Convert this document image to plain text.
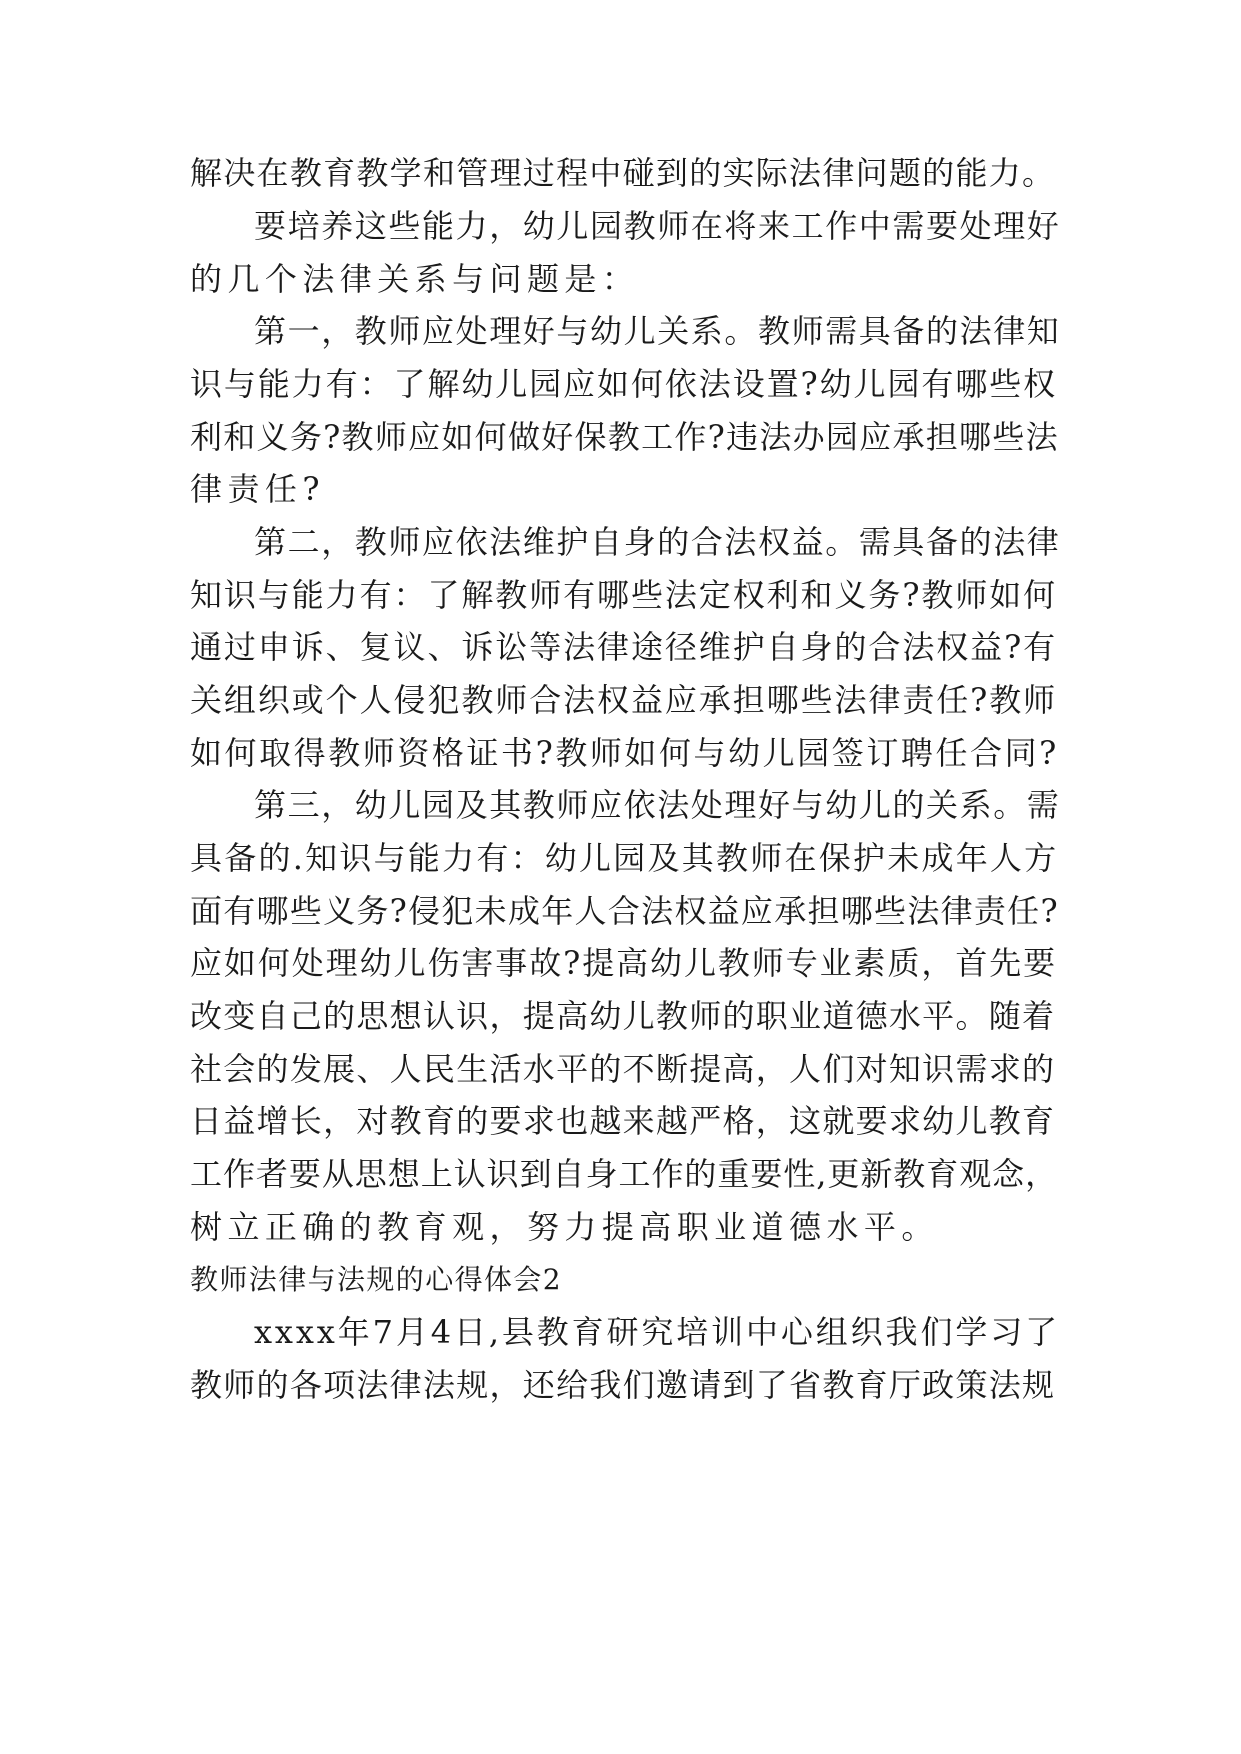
解决在教育教学和管理过程中碰到的实际法律问题的能力。

要培养这些能力，幼儿园教师在将来工作中需要处理好

的几个法律关系与问题是：

第一，教师应处理好与幼儿关系。教师需具备的法律知

识与能力有：了解幼儿园应如何依法设置?幼儿园有哪些权

利和义务?教师应如何做好保教工作?违法办园应承担哪些法

律责任?

第二，教师应依法维护自身的合法权益。需具备的法律

知识与能力有：了解教师有哪些法定权利和义务?教师如何

通过申诉、复议、诉讼等法律途径维护自身的合法权益?有

关组织或个人侵犯教师合法权益应承担哪些法律责任?教师

如何取得教师资格证书?教师如何与幼儿园签订聘任合同?

第三，幼儿园及其教师应依法处理好与幼儿的关系。需

具备的.知识与能力有：幼儿园及其教师在保护未成年人方

面有哪些义务?侵犯未成年人合法权益应承担哪些法律责任?

应如何处理幼儿伤害事故?提高幼儿教师专业素质，首先要

改变自己的思想认识，提高幼儿教师的职业道德水平。随着

社会的发展、人民生活水平的不断提高，人们对知识需求的

日益增长，对教育的要求也越来越严格，这就要求幼儿教育

工作者要从思想上认识到自身工作的重要性,更新教育观念，

树立正确的教育观，努力提高职业道德水平。

教师法律与法规的心得体会2

xxxx年7月4日,县教育研究培训中心组织我们学习了

教师的各项法律法规，还给我们邀请到了省教育厅政策法规
